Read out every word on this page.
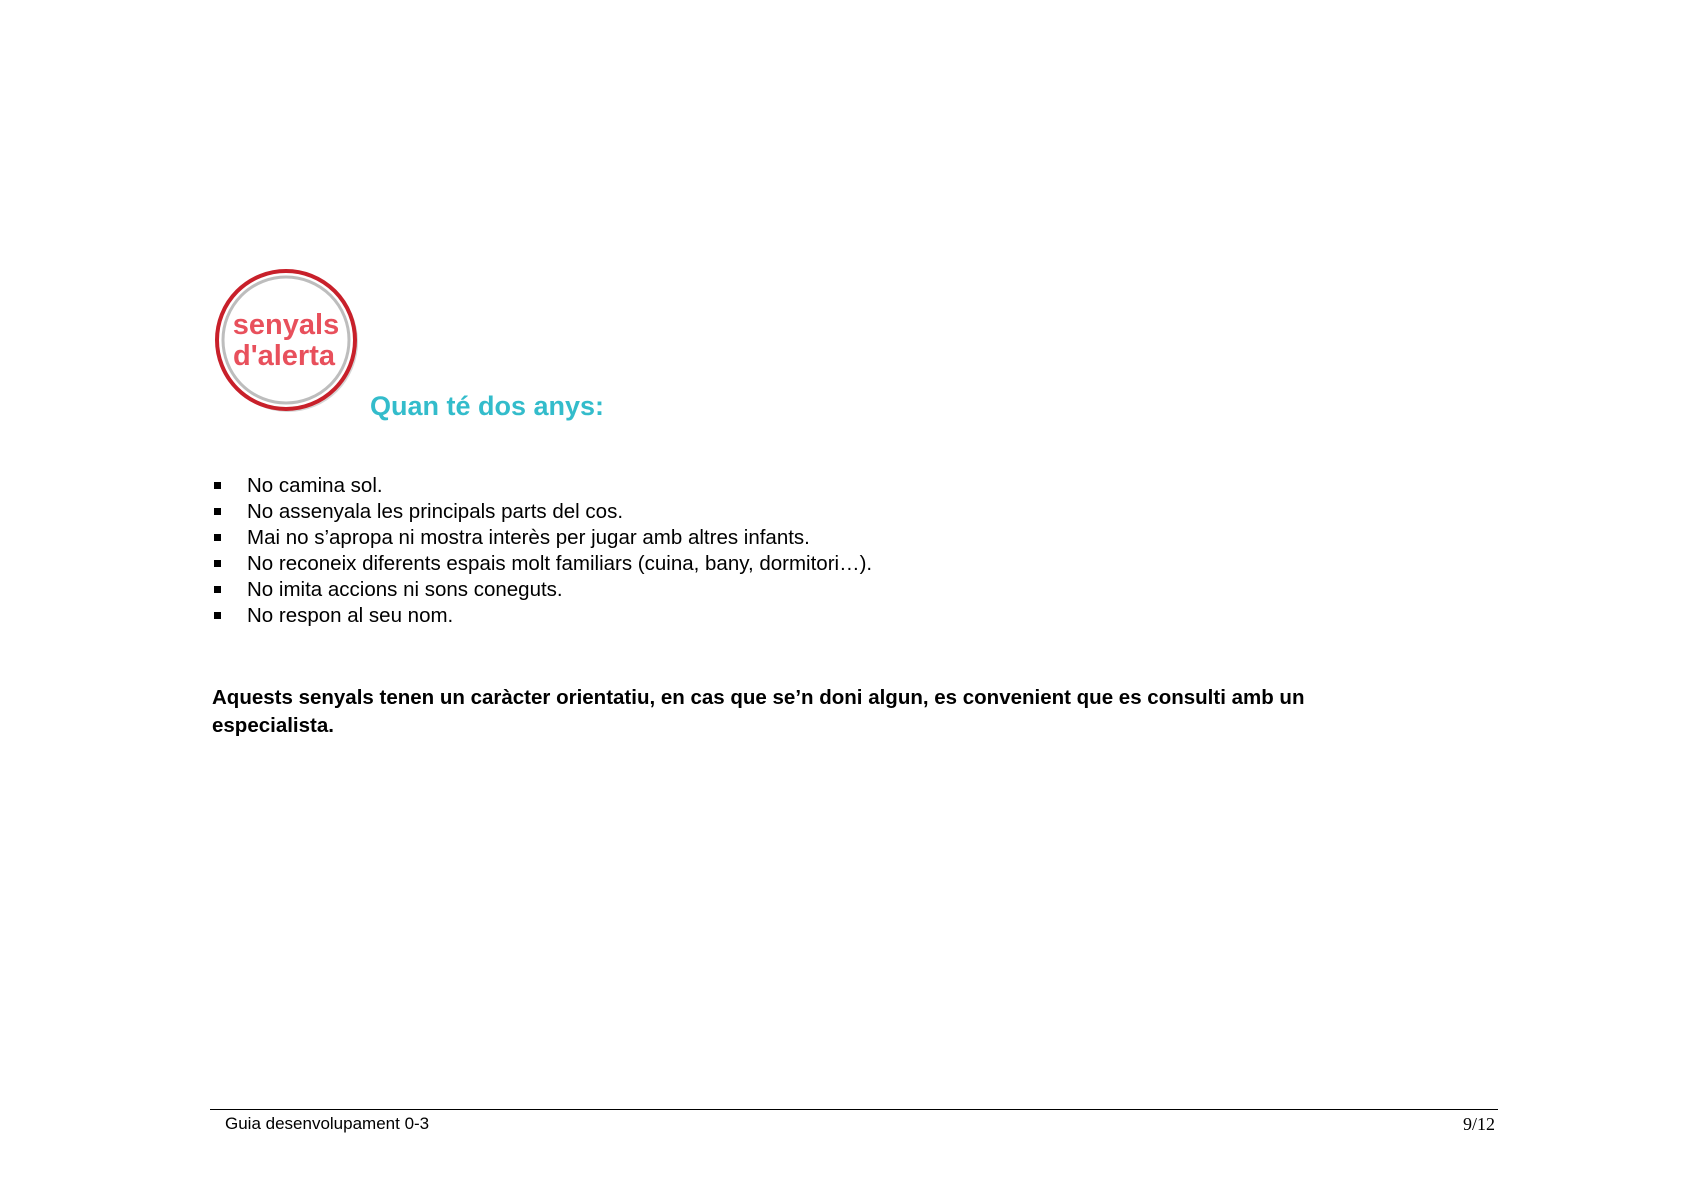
senyals
d'alerta
Quan té dos anys:
No camina sol.
No assenyala les principals parts del cos.
Mai no s’apropa ni mostra interès per jugar amb altres infants.
No reconeix diferents espais molt familiars (cuina, bany, dormitori…).
No imita accions ni sons coneguts.
No respon al seu nom.
Aquests senyals tenen un caràcter orientatiu, en cas que se’n doni algun, es convenient que es consulti amb un especialista.
Guia desenvolupament 0-3	9/12
